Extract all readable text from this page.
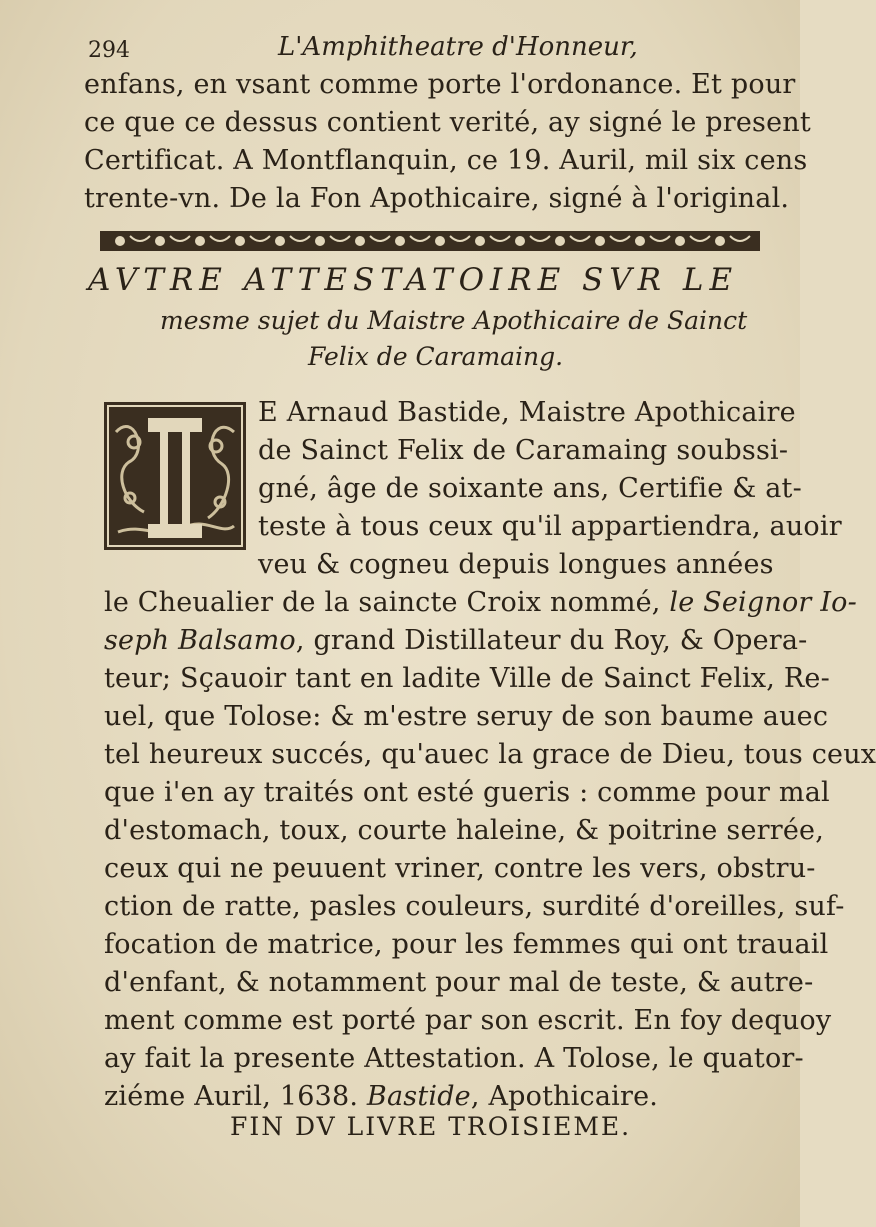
294	L'Amphitheatre d'Honneur,
enfans, en vsant comme porte l'ordonance. Et pour
ce que ce dessus contient verité, ay signé le present
Certificat. A Montflanquin, ce 19. Auril, mil six cens
trente-vn. De la Fon Apothicaire, signé à l'original.
AVTRE ATTESTATOIRE SVR LE
mesme sujet du Maistre Apothicaire de Sainct
Felix de Caramaing.
E Arnaud Bastide, Maistre Apothicaire
de Sainct Felix de Caramaing soubssi-
gné, âge de soixante ans, Certifie & at-
teste à tous ceux qu'il appartiendra, auoir
veu & cogneu depuis longues années
le Cheualier de la saincte Croix nommé, le Seignor Io-
seph Balsamo, grand Distillateur du Roy, & Opera-
teur; Sçauoir tant en ladite Ville de Sainct Felix, Re-
uel, que Tolose: & m'estre seruy de son baume auec
tel heureux succés, qu'auec la grace de Dieu, tous ceux
que i'en ay traités ont esté gueris : comme pour mal
d'estomach, toux, courte haleine, & poitrine serrée,
ceux qui ne peuuent vriner, contre les vers, obstru-
ction de ratte, pasles couleurs, surdité d'oreilles, suf-
focation de matrice, pour les femmes qui ont trauail
d'enfant, & notamment pour mal de teste, & autre-
ment comme est porté par son escrit. En foy dequoy
ay fait la presente Attestation. A Tolose, le quator-
ziéme Auril, 1638. Bastide, Apothicaire.
FIN DV LIVRE TROISIEME.
